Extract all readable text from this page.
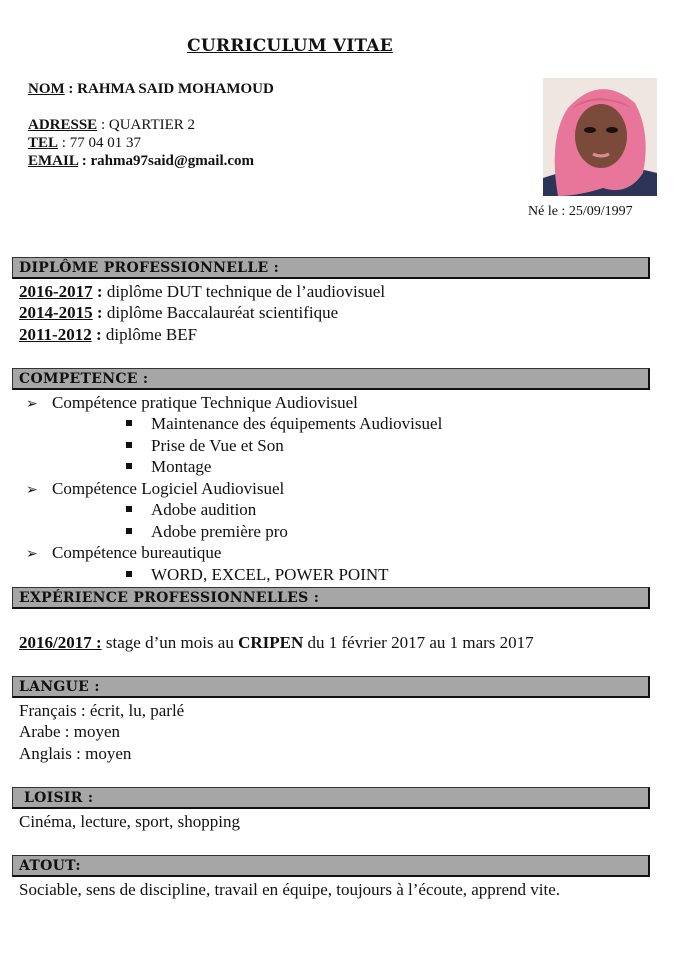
CURRICULUM VITAE
NOM : RAHMA SAID MOHAMOUD
ADRESSE : QUARTIER 2
TEL : 77 04 01 37
EMAIL : rahma97said@gmail.com
Né le : 25/09/1997
DIPLÔME PROFESSIONNELLE :
2016-2017 : diplôme DUT technique de l’audiovisuel
2014-2015 : diplôme Baccalauréat scientifique
2011-2012 : diplôme BEF
COMPETENCE :
➢ Compétence pratique Technique Audiovisuel
Maintenance des équipements Audiovisuel
Prise de Vue et Son
Montage
➢ Compétence Logiciel Audiovisuel
Adobe audition
Adobe première pro
➢ Compétence bureautique
WORD, EXCEL, POWER POINT
EXPÉRIENCE PROFESSIONNELLES :
2016/2017 : stage d’un mois au CRIPEN du 1 février 2017 au 1 mars 2017
LANGUE :
Français : écrit, lu, parlé
Arabe : moyen
Anglais : moyen
LOISIR :
Cinéma, lecture, sport, shopping
ATOUT:
Sociable, sens de discipline, travail en équipe, toujours à l’écoute, apprend vite.
